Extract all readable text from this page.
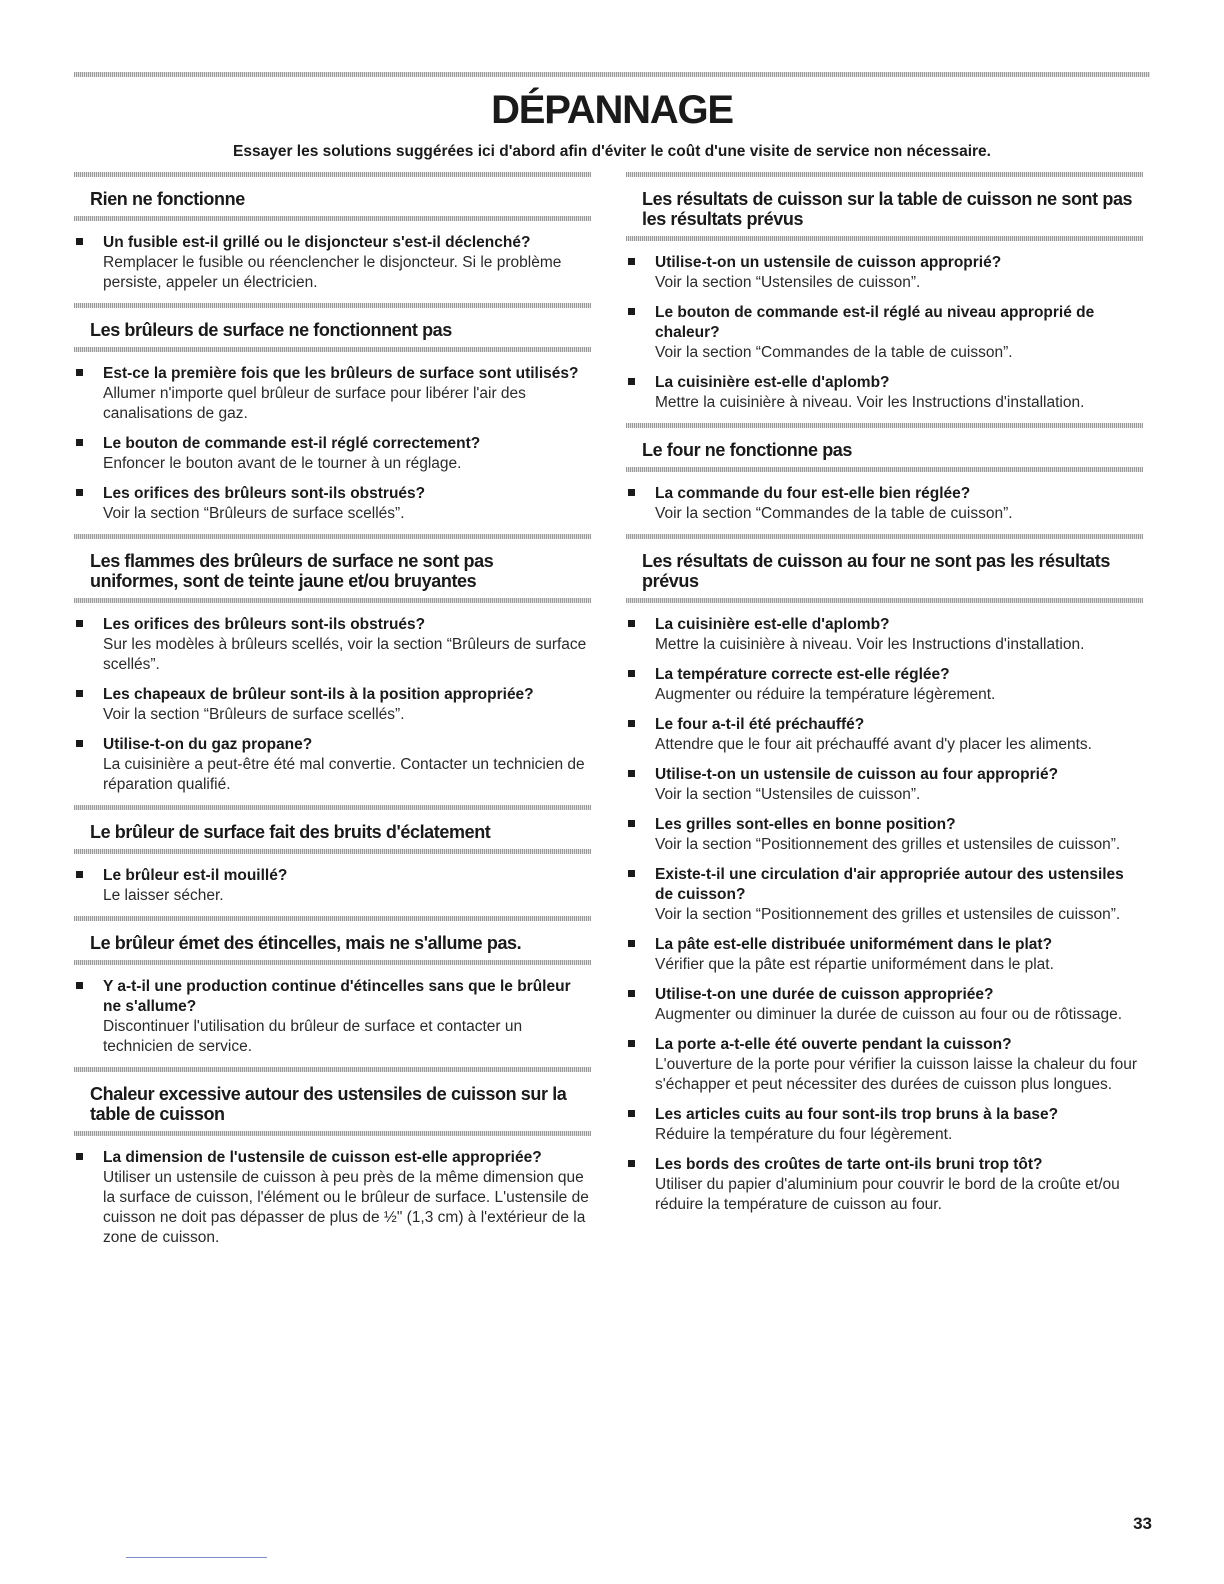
DÉPANNAGE
Essayer les solutions suggérées ici d'abord afin d'éviter le coût d'une visite de service non nécessaire.
Rien ne fonctionne
Un fusible est-il grillé ou le disjoncteur s'est-il déclenché?
Remplacer le fusible ou réenclencher le disjoncteur. Si le problème persiste, appeler un électricien.
Les brûleurs de surface ne fonctionnent pas
Est-ce la première fois que les brûleurs de surface sont utilisés?
Allumer n'importe quel brûleur de surface pour libérer l'air des canalisations de gaz.
Le bouton de commande est-il réglé correctement?
Enfoncer le bouton avant de le tourner à un réglage.
Les orifices des brûleurs sont-ils obstrués?
Voir la section “Brûleurs de surface scellés”.
Les flammes des brûleurs de surface ne sont pas uniformes, sont de teinte jaune et/ou bruyantes
Les orifices des brûleurs sont-ils obstrués?
Sur les modèles à brûleurs scellés, voir la section “Brûleurs de surface scellés”.
Les chapeaux de brûleur sont-ils à la position appropriée?
Voir la section “Brûleurs de surface scellés”.
Utilise-t-on du gaz propane?
La cuisinière a peut-être été mal convertie. Contacter un technicien de réparation qualifié.
Le brûleur de surface fait des bruits d'éclatement
Le brûleur est-il mouillé?
Le laisser sécher.
Le brûleur émet des étincelles, mais ne s'allume pas.
Y a-t-il une production continue d'étincelles sans que le brûleur ne s'allume?
Discontinuer l'utilisation du brûleur de surface et contacter un technicien de service.
Chaleur excessive autour des ustensiles de cuisson sur la table de cuisson
La dimension de l'ustensile de cuisson est-elle appropriée?
Utiliser un ustensile de cuisson à peu près de la même dimension que la surface de cuisson, l'élément ou le brûleur de surface. L'ustensile de cuisson ne doit pas dépasser de plus de ½" (1,3 cm) à l'extérieur de la zone de cuisson.
Les résultats de cuisson sur la table de cuisson ne sont pas les résultats prévus
Utilise-t-on un ustensile de cuisson approprié?
Voir la section “Ustensiles de cuisson”.
Le bouton de commande est-il réglé au niveau approprié de chaleur?
Voir la section “Commandes de la table de cuisson”.
La cuisinière est-elle d'aplomb?
Mettre la cuisinière à niveau. Voir les Instructions d'installation.
Le four ne fonctionne pas
La commande du four est-elle bien réglée?
Voir la section “Commandes de la table de cuisson”.
Les résultats de cuisson au four ne sont pas les résultats prévus
La cuisinière est-elle d'aplomb?
Mettre la cuisinière à niveau. Voir les Instructions d'installation.
La température correcte est-elle réglée?
Augmenter ou réduire la température légèrement.
Le four a-t-il été préchauffé?
Attendre que le four ait préchauffé avant d'y placer les aliments.
Utilise-t-on un ustensile de cuisson au four approprié?
Voir la section “Ustensiles de cuisson”.
Les grilles sont-elles en bonne position?
Voir la section “Positionnement des grilles et ustensiles de cuisson”.
Existe-t-il une circulation d'air appropriée autour des ustensiles de cuisson?
Voir la section “Positionnement des grilles et ustensiles de cuisson”.
La pâte est-elle distribuée uniformément dans le plat?
Vérifier que la pâte est répartie uniformément dans le plat.
Utilise-t-on une durée de cuisson appropriée?
Augmenter ou diminuer la durée de cuisson au four ou de rôtissage.
La porte a-t-elle été ouverte pendant la cuisson?
L'ouverture de la porte pour vérifier la cuisson laisse la chaleur du four s'échapper et peut nécessiter des durées de cuisson plus longues.
Les articles cuits au four sont-ils trop bruns à la base?
Réduire la température du four légèrement.
Les bords des croûtes de tarte ont-ils bruni trop tôt?
Utiliser du papier d'aluminium pour couvrir le bord de la croûte et/ou réduire la température de cuisson au four.
33
